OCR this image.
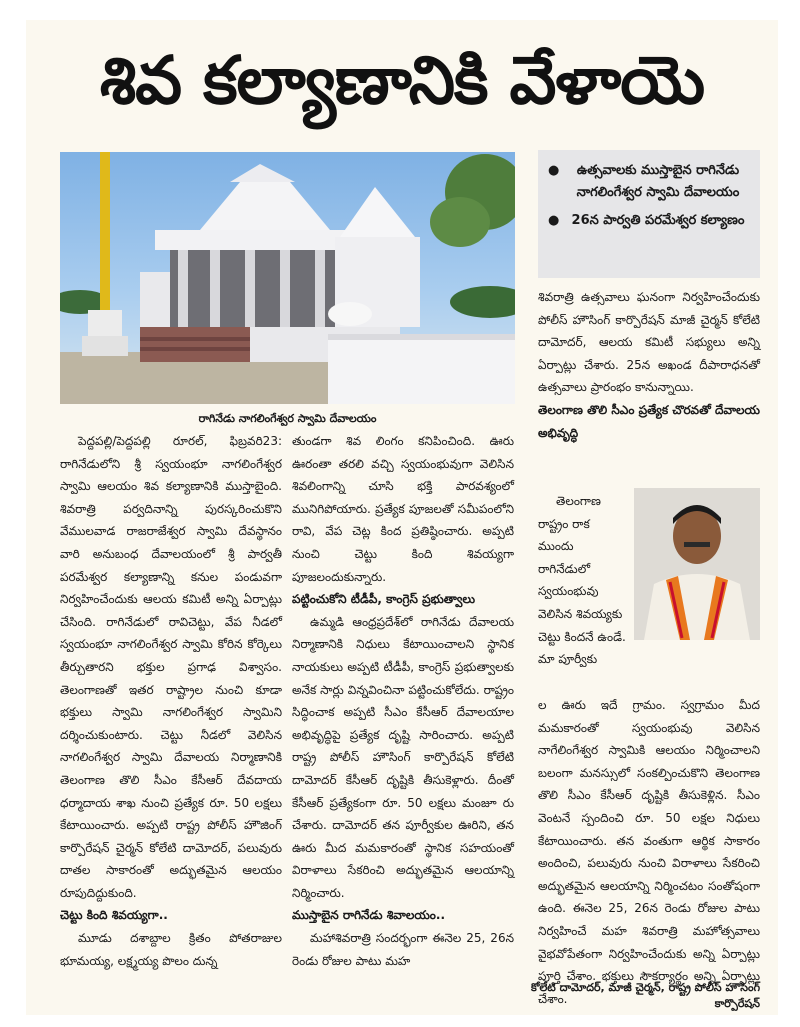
శివ కల్యాణానికి వేళాయె
రాగినేడు నాగలింగేశ్వర స్వామి దేవాలయం
●	ఉత్సవాలకు ముస్తాబైన రాగినేడు నాగలింగేశ్వర స్వామి దేవాలయం
● 26న పార్వతి పరమేశ్వర కల్యాణం

పెద్దపల్లి/పెద్దపల్లి రూరల్, ఫిబ్రవరి23: రాగినేడులోని శ్రీ స్వయంభూ నాగలింగేశ్వర స్వామి ఆలయం శివ కల్యాణానికి ముస్తాబైంది. శివరాత్రి పర్వదినాన్ని పురస్కరించుకొని వేములవాడ రాజరాజేశ్వర స్వామి దేవస్థానం వారి అనుబంధ దేవాలయంలో శ్రీ పార్వతీ పరమేశ్వర కల్యాణాన్ని కనుల పండువగా నిర్వహించేందుకు ఆలయ కమిటీ అన్ని ఏర్పాట్లు చేసింది. రాగినేడులో రావిచెట్టు, వేప నీడలో స్వయంభూ నాగలింగేశ్వర స్వామి కోరిన కోర్కెలు తీర్చుతారని భక్తుల ప్రగాఢ విశ్వాసం. తెలంగాణతో ఇతర రాష్ట్రాల నుంచి కూడా భక్తులు స్వామి నాగలింగేశ్వర స్వామిని దర్శించుకుంటారు. చెట్టు నీడలో వెలిసిన నాగలింగేశ్వర స్వామి దేవాలయ నిర్మాణానికి తెలంగాణ తొలి సీఎం కేసీఆర్ దేవదాయ ధర్మాదాయ శాఖ నుంచి ప్రత్యేక రూ. 50 లక్షలు కేటాయించారు. అప్పటి రాష్ట్ర పోలీస్ హౌజింగ్ కార్పొరేషన్ చైర్మన్ కోలేటి దామోదర్, పలువురు దాతల సాకారంతో అద్భుతమైన ఆలయం రూపుదిద్దుకుంది.

చెట్టు కింది శివయ్యగా..

మూడు దశాబ్దాల క్రితం పోతరాజుల భూమయ్య, లక్ష్మయ్య పొలం దున్న

తుండగా శివ లింగం కనిపించింది. ఊరు ఊరంతా తరలి వచ్చి స్వయంభువుగా వెలిసిన శివలింగాన్ని చూసి భక్తి పారవశ్యంలో మునిగిపోయారు. ప్రత్యేక పూజలతో సమీపంలోని రావి, వేప చెట్ల కింద ప్రతిష్ఠించారు. అప్పటి నుంచి చెట్టు కింది శివయ్యగా పూజలందుకున్నారు.

పట్టించుకోని టీడీపీ, కాంగ్రెస్ ప్రభుత్వాలు

ఉమ్మడి ఆంధ్రప్రదేశ్‌లో రాగినేడు దేవాలయ నిర్మాణానికి నిధులు కేటాయించాలని స్థానిక నాయకులు అప్పటి టీడీపీ, కాంగ్రెస్ ప్రభుత్వాలకు అనేక సార్లు విన్నవించినా పట్టించుకోలేదు. రాష్ట్రం సిద్ధించాక అప్పటి సీఎం కేసీఆర్ దేవాలయాల అభివృద్ధిపై ప్రత్యేక దృష్టి సారించారు. అప్పటి రాష్ట్ర పోలీస్ హౌసింగ్ కార్పొరేషన్ కోలేటి దామోదర్ కేసీఆర్ దృష్టికి తీసుకెళ్లారు. దీంతో కేసీఆర్ ప్రత్యేకంగా రూ. 50 లక్షలు మంజూ రు చేశారు. దామోదర్ తన పూర్వీకుల ఊరిని, తన ఊరు మీద మమకారంతో స్థానిక సహయంతో విరాళాలు సేకరించి అద్భుతమైన ఆలయాన్ని నిర్మించారు.

ముస్తాబైన రాగినేడు శివాలయం..

మహాశివరాత్రి సందర్భంగా ఈనెల 25, 26న రెండు రోజుల పాటు మహ

శివరాత్రి ఉత్సవాలు ఘనంగా నిర్వహించేందుకు పోలీస్ హౌసింగ్ కార్పొరేషన్ మాజీ చైర్మన్ కోలేటి దామోదర్, ఆలయ కమిటీ సభ్యులు అన్ని ఏర్పాట్లు చేశారు. 25న అఖండ దీపారాధనతో ఉత్సవాలు ప్రారంభం కానున్నాయి.

తెలంగాణ తొలి సీఎం ప్రత్యేక చొరవతో దేవాలయ అభివృద్ధి

తెలంగాణ రాష్ట్రం రాక ముందు రాగినేడులో స్వయంభువు వెలిసిన శివయ్యకు చెట్టు కిందనే ఉండే. మా పూర్వీకు

ల ఊరు ఇదే గ్రామం. స్వగ్రామం మీద మమకారంతో స్వయంభువు వెలిసిన నాగేలింగేశ్వర స్వామికి ఆలయం నిర్మించాలని బలంగా మనస్సులో సంకల్పించుకొని తెలంగాణ తొలి సీఎం కేసీఆర్ దృష్టికి తీసుకెళ్లిన. సీఎం వెంటనే స్పందించి రూ. 50 లక్షల నిధులు కేటాయించారు. తన వంతుగా ఆర్థిక సాకారం అందించి, పలువురు నుంచి విరాళాలు సేకరించి అద్భుతమైన ఆలయాన్ని నిర్మించటం సంతోషంగా ఉంది. ఈనెల 25, 26న రెండు రోజుల పాటు నిర్వహించే మహ శివరాత్రి మహోత్సవాలు వైభవోపేతంగా నిర్వహించేందుకు అన్ని ఏర్పాట్లు పూర్తి చేశాం. భక్తులు సౌకర్యార్థం అన్ని ఏర్పాట్లు చేశాం.

కోలేటి దామోదర్, మాజీ చైర్మన్, రాష్ట్ర పోలీస్ హౌసింగ్ కార్పొరేషన్
